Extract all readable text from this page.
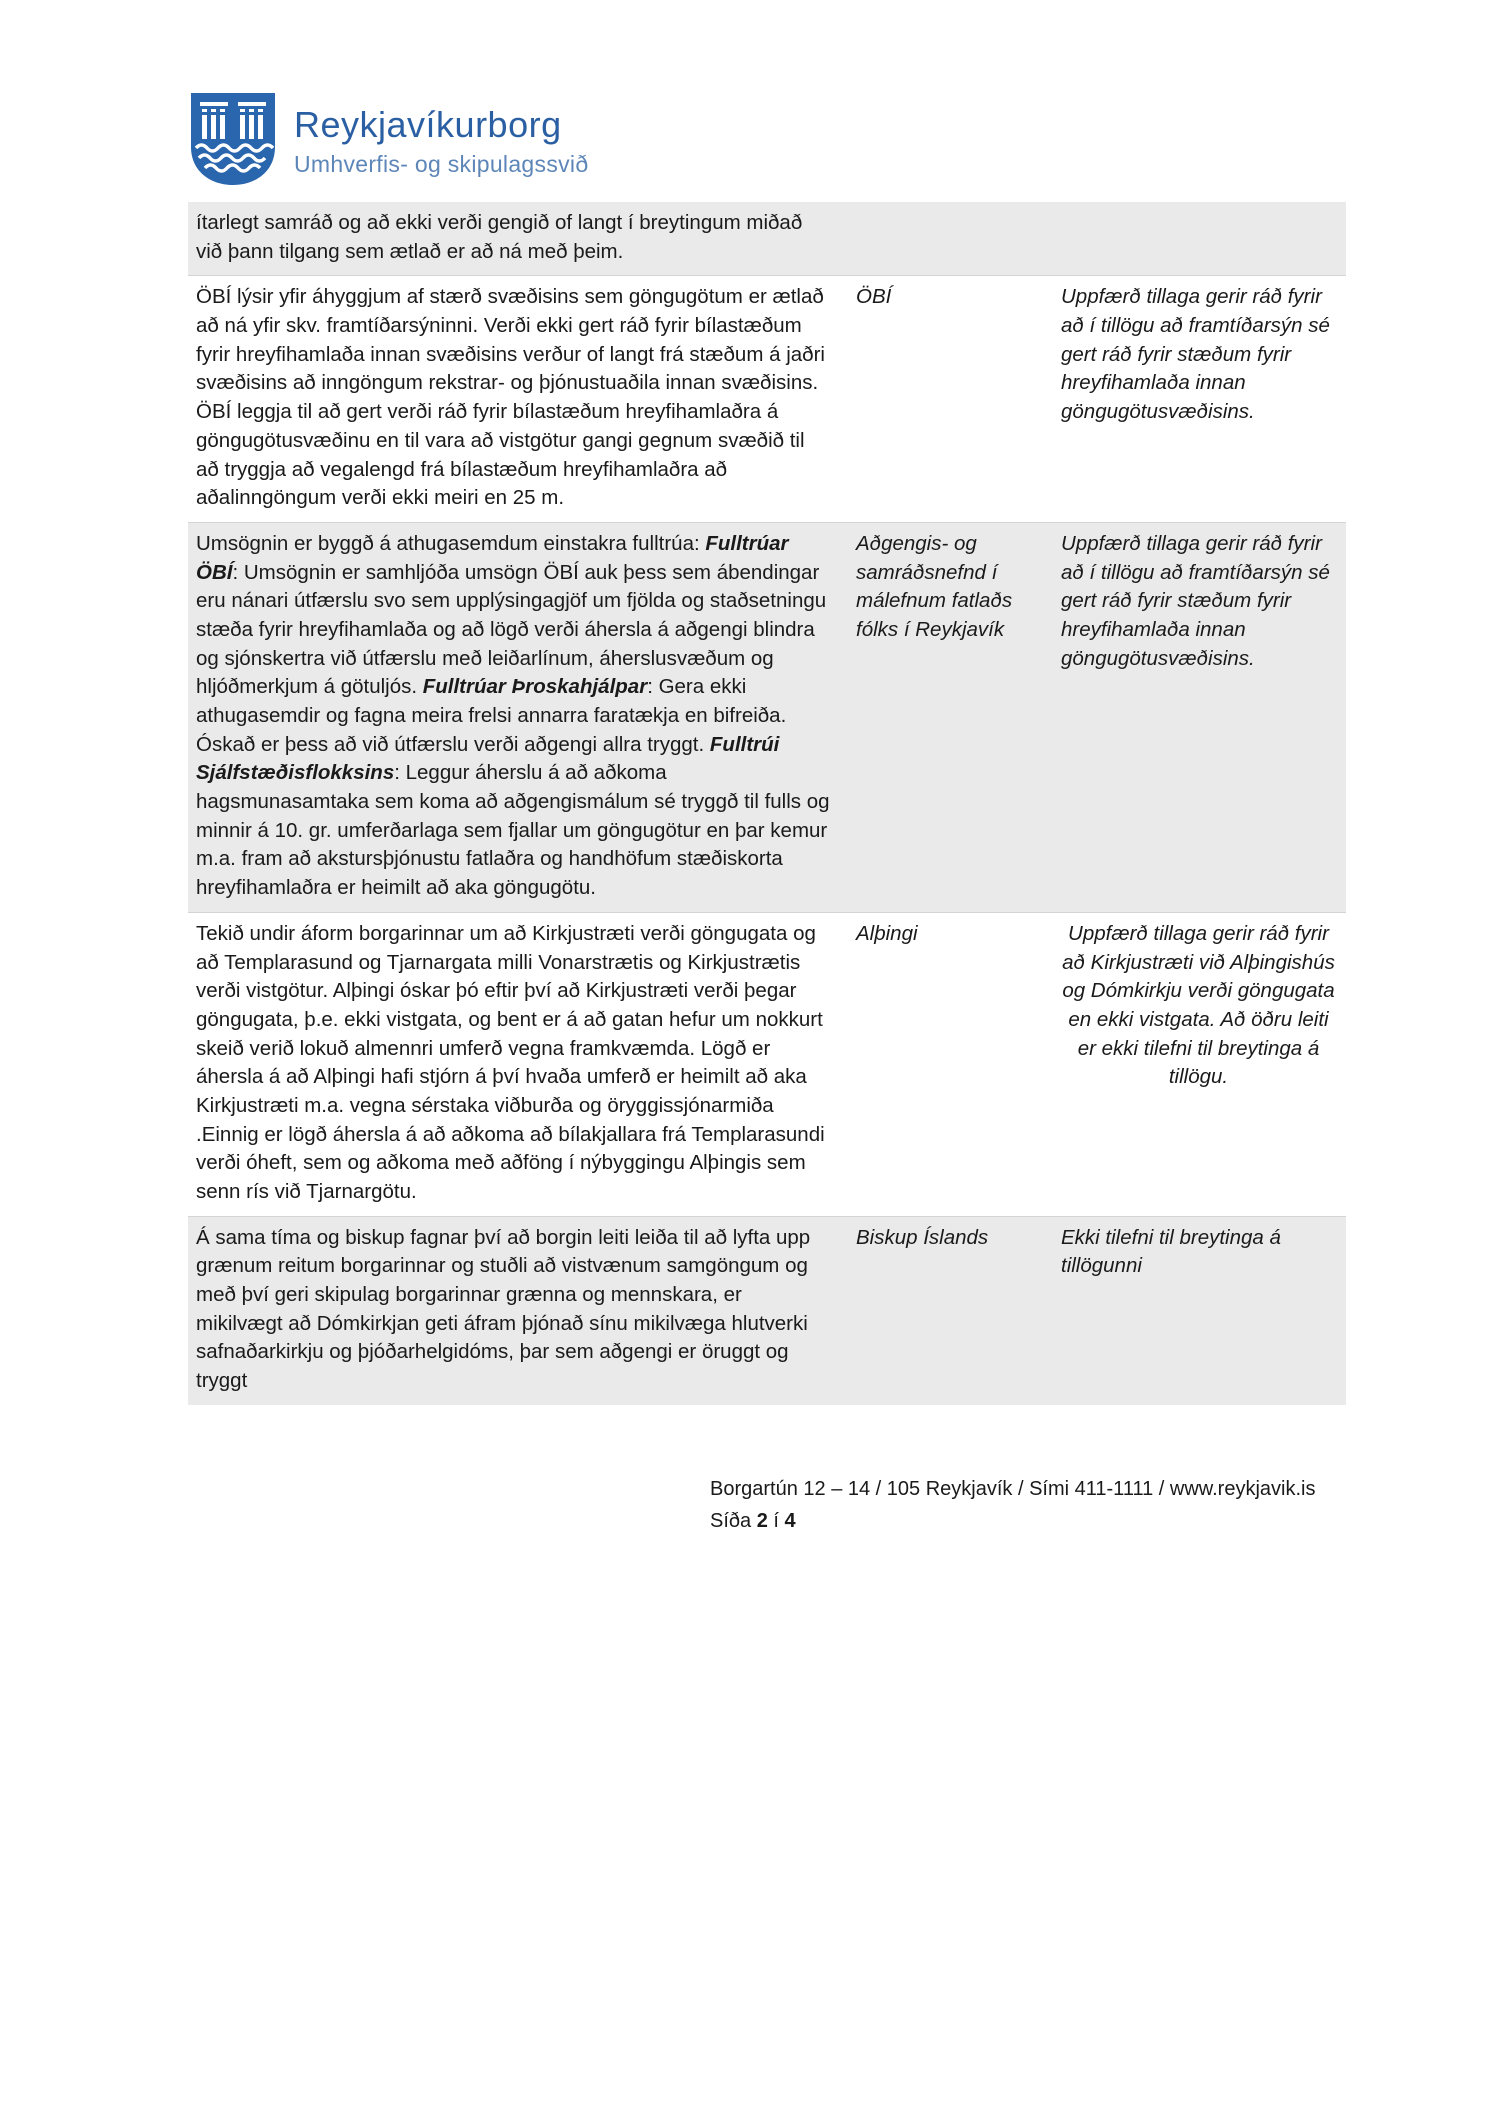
Reykjavíkurborg
Umhverfis- og skipulagssvið
ítarlegt samráð og að ekki verði gengið of langt í breytingum miðað við þann tilgang sem ætlað er að ná með þeim.		
ÖBÍ lýsir yfir áhyggjum af stærð svæðisins sem göngugötum er ætlað að ná yfir skv. framtíðarsýninni. Verði ekki gert ráð fyrir bílastæðum fyrir hreyfihamlaða innan svæðisins verður of langt frá stæðum á jaðri svæðisins að inngöngum rekstrar- og þjónustuaðila innan svæðisins. ÖBÍ leggja til að gert verði ráð fyrir bílastæðum hreyfihamlaðra á göngugötusvæðinu en til vara að vistgötur gangi gegnum svæðið til að tryggja að vegalengd frá bílastæðum hreyfihamlaðra að aðalinngöngum verði ekki meiri en 25 m.	ÖBÍ	Uppfærð tillaga gerir ráð fyrir að í tillögu að framtíðarsýn sé gert ráð fyrir stæðum fyrir hreyfihamlaða innan göngugötusvæðisins.
Umsögnin er byggð á athugasemdum einstakra fulltrúa: Fulltrúar ÖBÍ: Umsögnin er samhljóða umsögn ÖBÍ auk þess sem ábendingar eru nánari útfærslu svo sem upplýsingagjöf um fjölda og staðsetningu stæða fyrir hreyfihamlaða og að lögð verði áhersla á aðgengi blindra og sjónskertra við útfærslu með leiðarlínum, áherslusvæðum og hljóðmerkjum á götuljós. Fulltrúar Þroskahjálpar: Gera ekki athugasemdir og fagna meira frelsi annarra faratækja en bifreiða. Óskað er þess að við útfærslu verði aðgengi allra tryggt. Fulltrúi Sjálfstæðisflokksins: Leggur áherslu á að aðkoma hagsmunasamtaka sem koma að aðgengismálum sé tryggð til fulls og minnir á 10. gr. umferðarlaga sem fjallar um göngugötur en þar kemur m.a. fram að akstursþjónustu fatlaðra og handhöfum stæðiskorta hreyfihamlaðra er heimilt að aka göngugötu.	Aðgengis- og samráðsnefnd í málefnum fatlaðs fólks í Reykjavík	Uppfærð tillaga gerir ráð fyrir að í tillögu að framtíðarsýn sé gert ráð fyrir stæðum fyrir hreyfihamlaða innan göngugötusvæðisins.
Tekið undir áform borgarinnar um að Kirkjustræti verði göngugata og að Templarasund og Tjarnargata milli Vonarstrætis og Kirkjustrætis verði vistgötur. Alþingi óskar þó eftir því að Kirkjustræti verði þegar göngugata, þ.e. ekki vistgata, og bent er á að gatan hefur um nokkurt skeið verið lokuð almennri umferð vegna framkvæmda. Lögð er áhersla á að Alþingi hafi stjórn á því hvaða umferð er heimilt að aka Kirkjustræti m.a. vegna sérstaka viðburða og öryggissjónarmiða .Einnig er lögð áhersla á að aðkoma að bílakjallara frá Templarasundi verði óheft, sem og aðkoma með aðföng í nýbyggingu Alþingis sem senn rís við Tjarnargötu.	Alþingi	Uppfærð tillaga gerir ráð fyrir að Kirkjustræti við Alþingishús og Dómkirkju verði göngugata en ekki vistgata. Að öðru leiti er ekki tilefni til breytinga á tillögu.
Á sama tíma og biskup fagnar því að borgin leiti leiða til að lyfta upp grænum reitum borgarinnar og stuðli að vistvænum samgöngum og með því geri skipulag borgarinnar grænna og mennskara, er mikilvægt að Dómkirkjan geti áfram þjónað sínu mikilvæga hlutverki safnaðarkirkju og þjóðarhelgidóms, þar sem aðgengi er öruggt og tryggt	Biskup Íslands	Ekki tilefni til breytinga á tillögunni
Borgartún 12 – 14 / 105 Reykjavík / Sími 411-1111 / www.reykjavik.is
Síða 2 í 4
